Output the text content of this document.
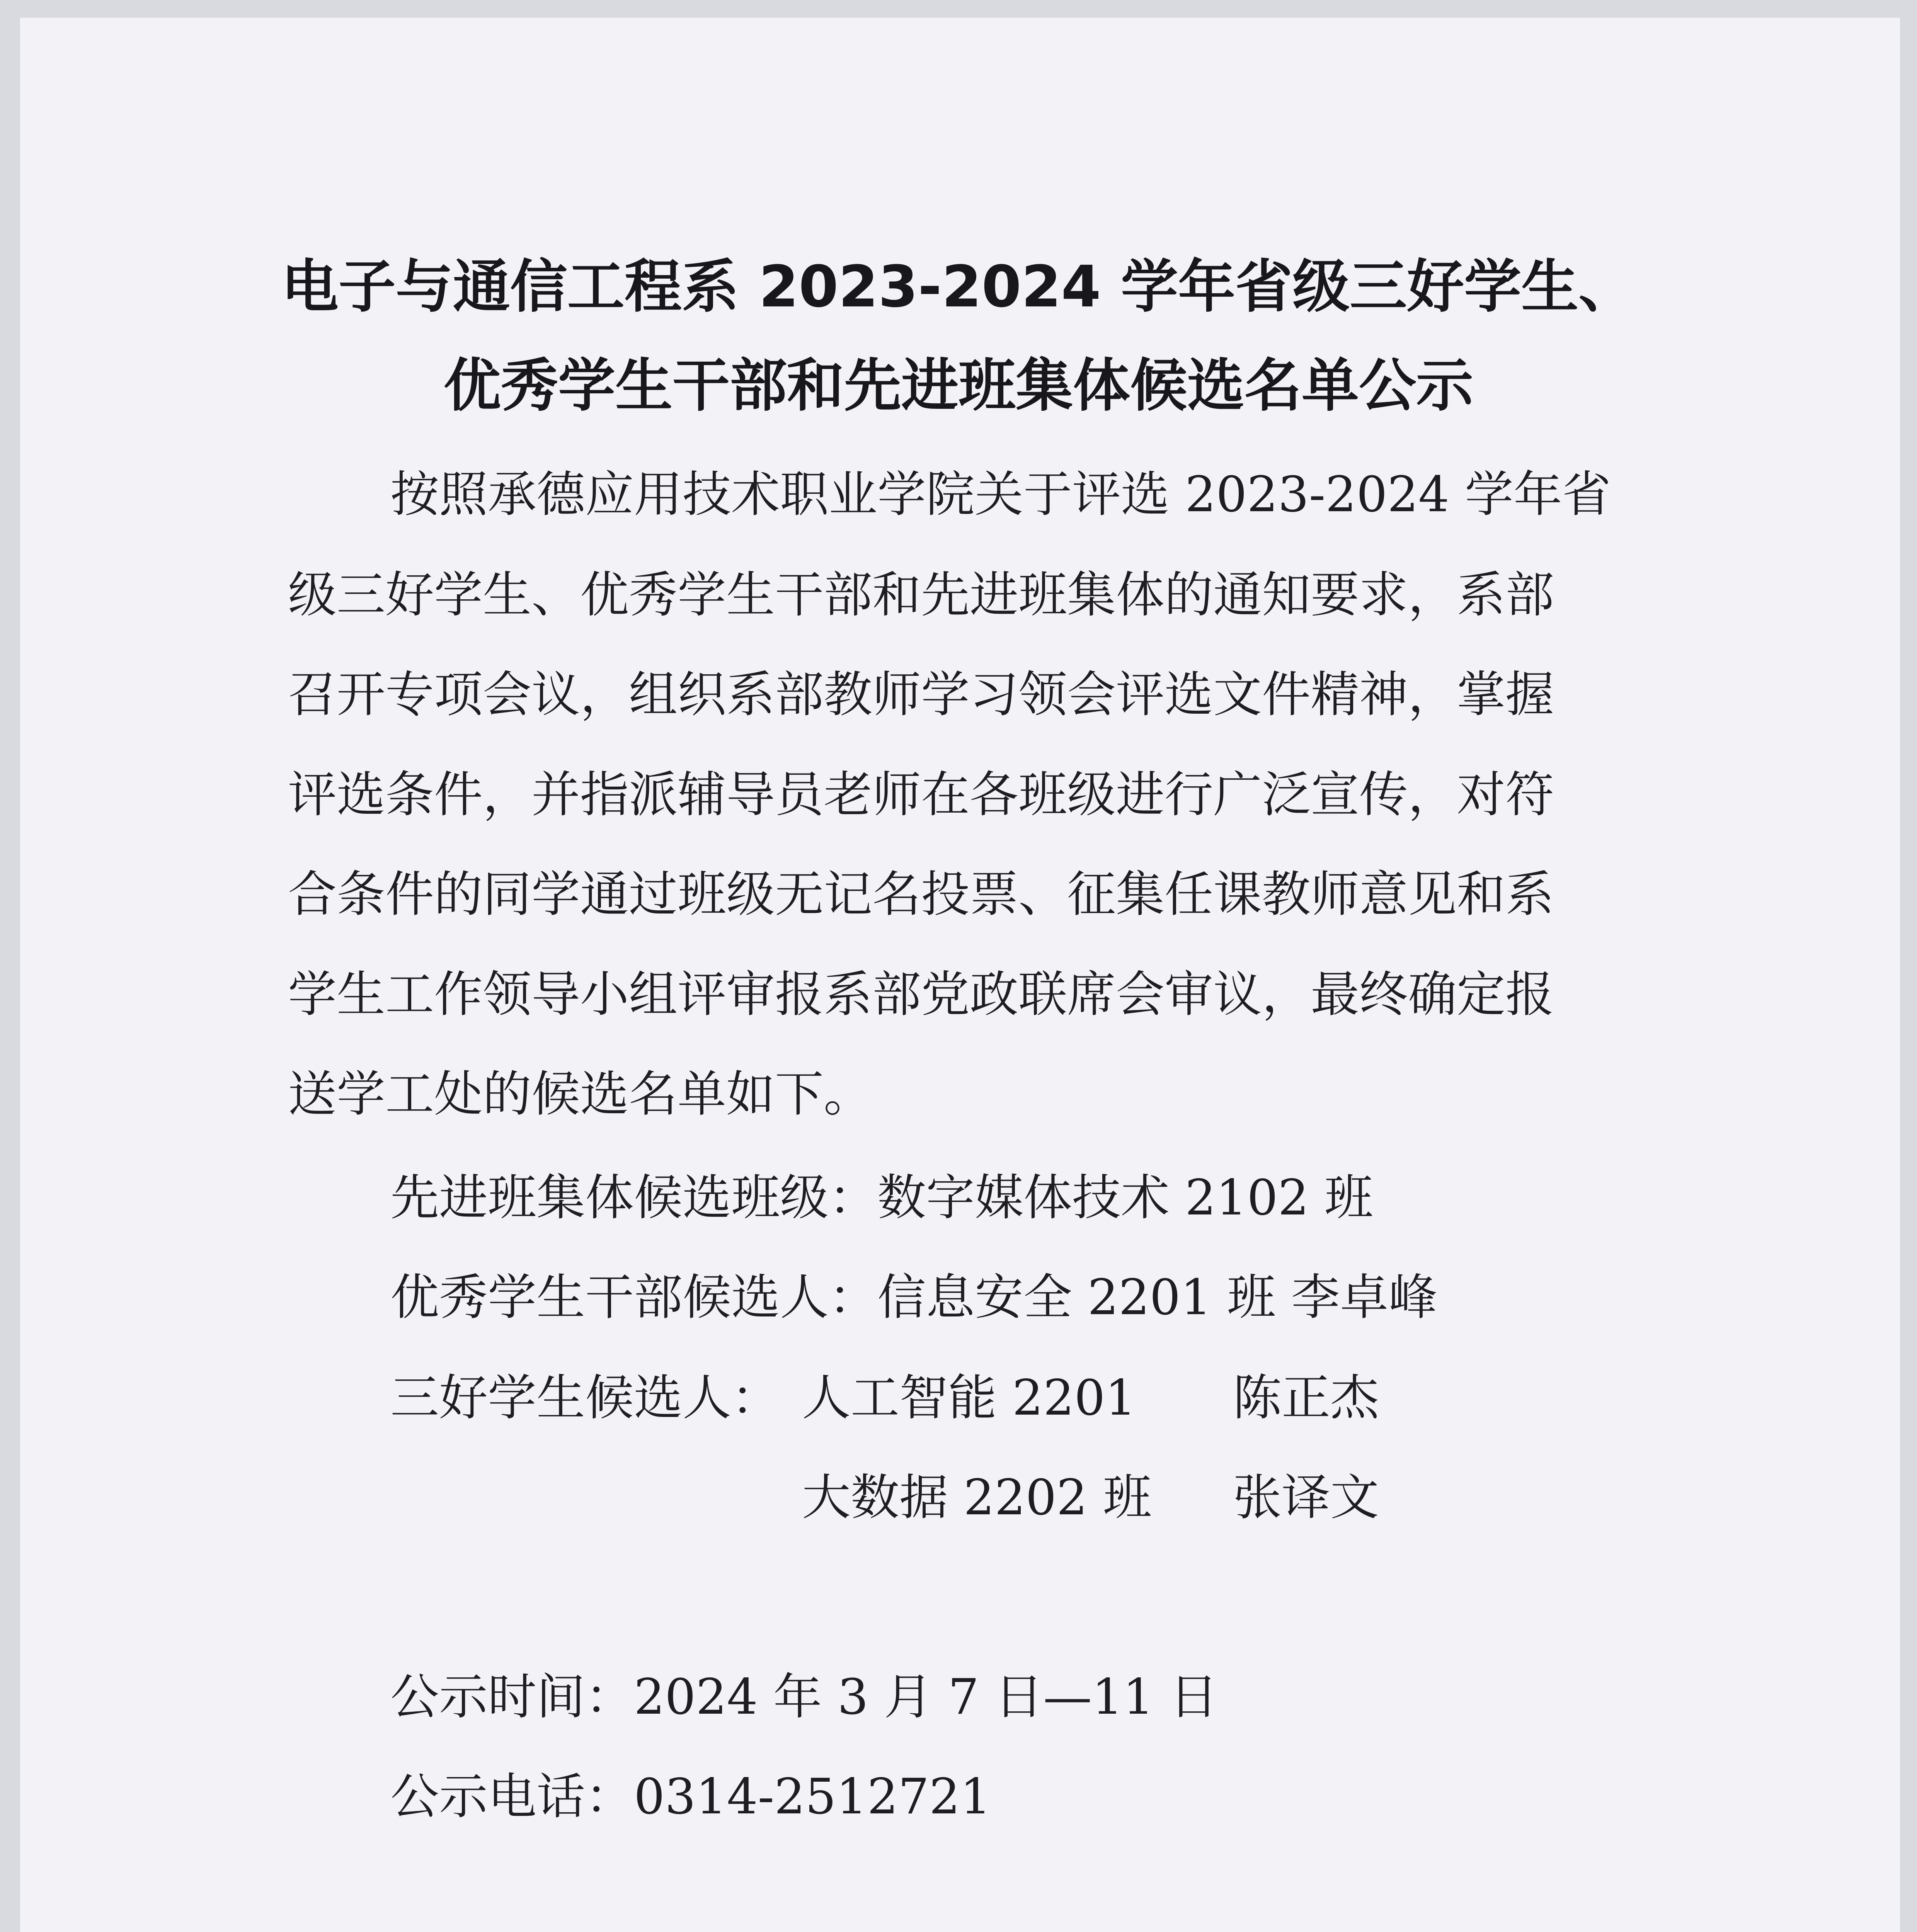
电子与通信工程系 2023-2024 学年省级三好学生、
优秀学生干部和先进班集体候选名单公示
按照承德应用技术职业学院关于评选 2023-2024 学年省
级三好学生、优秀学生干部和先进班集体的通知要求，系部
召开专项会议，组织系部教师学习领会评选文件精神，掌握
评选条件，并指派辅导员老师在各班级进行广泛宣传，对符
合条件的同学通过班级无记名投票、征集任课教师意见和系
学生工作领导小组评审报系部党政联席会审议，最终确定报
送学工处的候选名单如下。
先进班集体候选班级：数字媒体技术 2102 班
优秀学生干部候选人：信息安全 2201 班 李卓峰
三好学生候选人： 人工智能 2201 陈正杰
大数据 2202 班 张译文
公示时间：2024 年 3 月 7 日—11 日
公示电话：0314-2512721
